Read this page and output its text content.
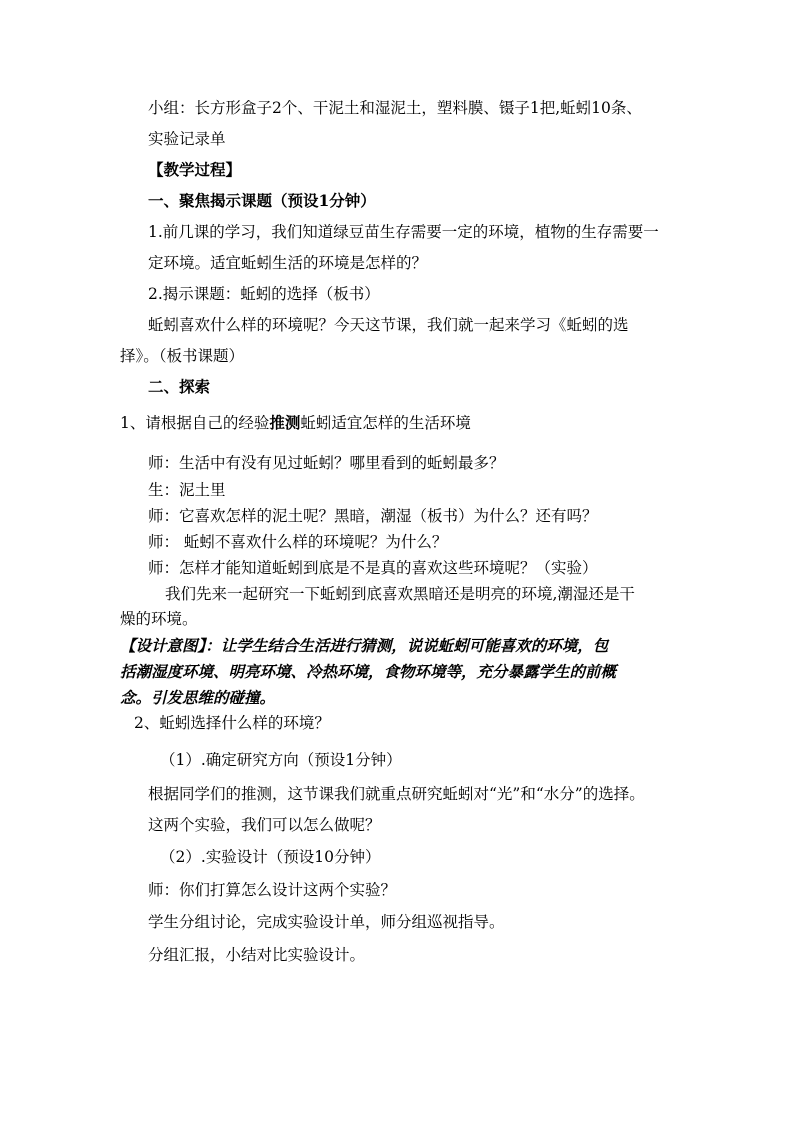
小组：长方形盒子2个、干泥土和湿泥土，塑料膜、镊子1把,蚯蚓10条、
实验记录单
【教学过程】
一、聚焦揭示课题（预设1分钟）
1.前几课的学习，我们知道绿豆苗生存需要一定的环境，植物的生存需要一
定环境。适宜蚯蚓生活的环境是怎样的？
2.揭示课题：蚯蚓的选择（板书）
蚯蚓喜欢什么样的环境呢？今天这节课，我们就一起来学习《蚯蚓的选
择》。（板书课题）
二、探索
1、请根据自己的经验推测蚯蚓适宜怎样的生活环境
师：生活中有没有见过蚯蚓？哪里看到的蚯蚓最多？
生：泥土里
师：它喜欢怎样的泥土呢？黑暗，潮湿（板书）为什么？还有吗？
师： 蚯蚓不喜欢什么样的环境呢？为什么？
师：怎样才能知道蚯蚓到底是不是真的喜欢这些环境呢？（实验）
我们先来一起研究一下蚯蚓到底喜欢黑暗还是明亮的环境,潮湿还是干
燥的环境。
【设计意图】：让学生结合生活进行猜测，说说蚯蚓可能喜欢的环境，包
括潮湿度环境、明亮环境、冷热环境，食物环境等，充分暴露学生的前概
念。引发思维的碰撞。
2、蚯蚓选择什么样的环境？
（1）.确定研究方向（预设1分钟）
根据同学们的推测，这节课我们就重点研究蚯蚓对“光”和“水分”的选择。
这两个实验，我们可以怎么做呢？
（2）.实验设计（预设10分钟）
师：你们打算怎么设计这两个实验？
学生分组讨论，完成实验设计单，师分组巡视指导。
分组汇报，小结对比实验设计。
